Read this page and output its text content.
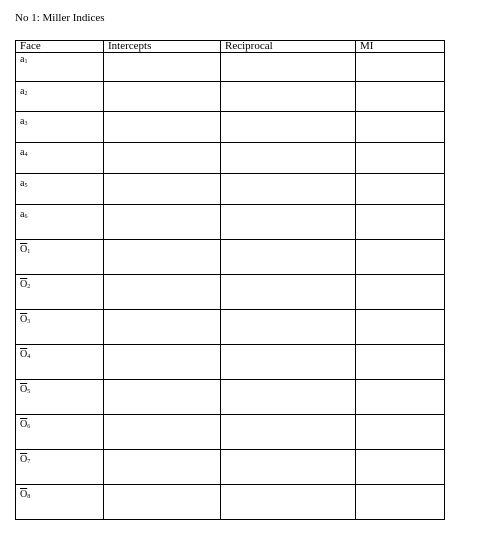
No 1: Miller Indices
Face	Intercepts	Reciprocal	MI
$a_1$			
$a_2$			
$a_3$			
$a_4$			
$a_5$			
$a_6$			
$\overline{O}_1$			
$\overline{O}_2$			
$\overline{O}_3$			
$\overline{O}_4$			
$\overline{O}_5$			
$\overline{O}_6$			
$\overline{O}_7$			
$\overline{O}_8$			
